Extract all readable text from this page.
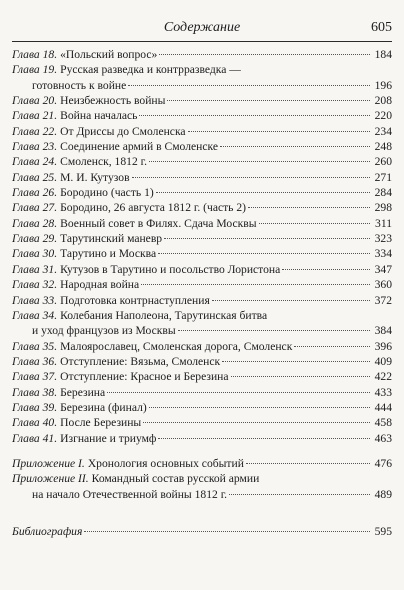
Содержание	605
Глава 18. «Польский вопрос»	184
Глава 19. Русская разведка и контрразведка —
готовность к войне	196
Глава 20. Неизбежность войны	208
Глава 21. Война началась	220
Глава 22. От Дриссы до Смоленска	234
Глава 23. Соединение армий в Смоленске	248
Глава 24. Смоленск, 1812 г.	260
Глава 25. М. И. Кутузов	271
Глава 26. Бородино (часть 1)	284
Глава 27. Бородино, 26 августа 1812 г. (часть 2)	298
Глава 28. Военный совет в Филях. Сдача Москвы	311
Глава 29. Тарутинский маневр	323
Глава 30. Тарутино и Москва	334
Глава 31. Кутузов в Тарутино и посольство Лористона	347
Глава 32. Народная война	360
Глава 33. Подготовка контрнаступления	372
Глава 34. Колебания Наполеона, Тарутинская битва
и уход французов из Москвы	384
Глава 35. Малоярославец, Смоленская дорога, Смоленск	396
Глава 36. Отступление: Вязьма, Смоленск	409
Глава 37. Отступление: Красное и Березина	422
Глава 38. Березина	433
Глава 39. Березина (финал)	444
Глава 40. После Березины	458
Глава 41. Изгнание и триумф	463
Приложение I. Хронология основных событий	476
Приложение II. Командный состав русской армии
на начало Отечественной войны 1812 г.	489
Библиография	595
